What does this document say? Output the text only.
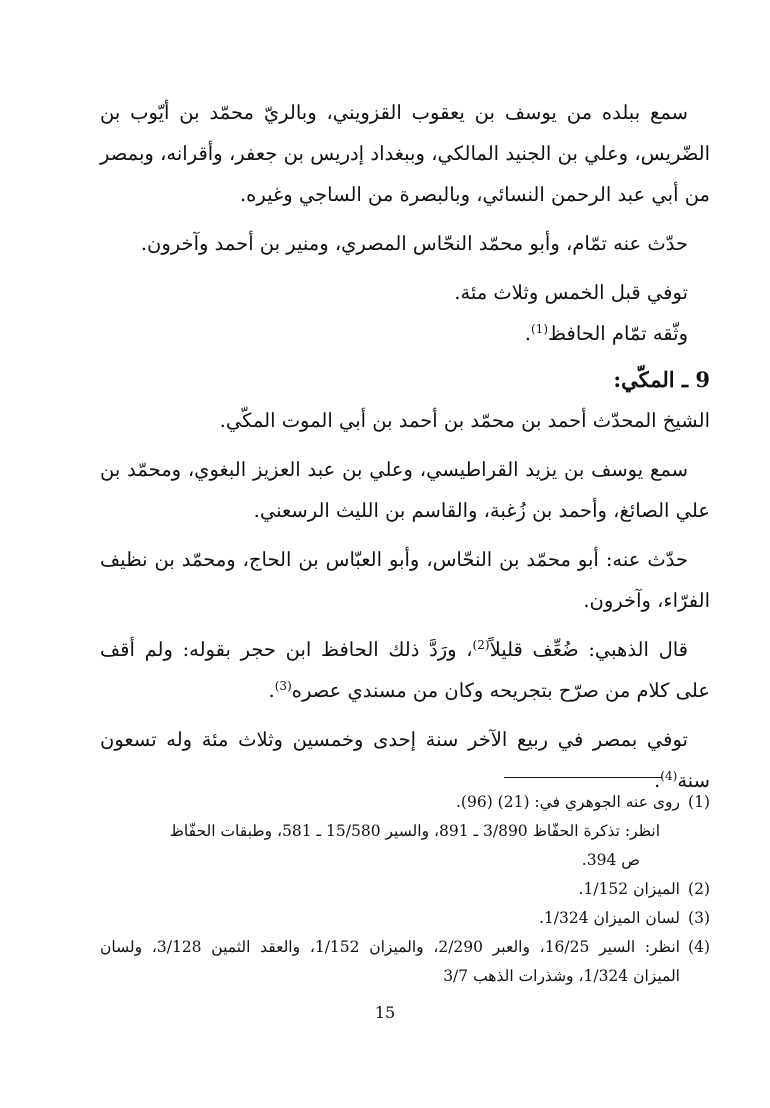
سمع ببلده من يوسف بن يعقوب القزويني، وبالريّ محمّد بن أيّوب بن الضّريس، وعلي بن الجنيد المالكي، وببغداد إدريس بن جعفر، وأقرانه، وبمصر من أبي عبد الرحمن النسائي، وبالبصرة من الساجي وغيره.

حدّث عنه تمّام، وأبو محمّد النحّاس المصري، ومنير بن أحمد وآخرون.

توفي قبل الخمس وثلاث مئة.

وثّقه تمّام الحافظ$^{(1)}$.

9 ـ المكّي:

الشيخ المحدّث أحمد بن محمّد بن أحمد بن أبي الموت المكّي.

سمع يوسف بن يزيد القراطيسي، وعلي بن عبد العزيز البغوي، ومحمّد بن علي الصائغ، وأحمد بن زُغبة، والقاسم بن الليث الرسعني.

حدّث عنه: أبو محمّد بن النحّاس، وأبو العبّاس بن الحاج، ومحمّد بن نظيف الفرّاء، وآخرون.

قال الذهبي: ضُعِّف قليلاً$^{(2)}$، ورَدَّ ذلك الحافظ ابن حجر بقوله: ولم أقف على كلام من صرّح بتجريحه وكان من مسندي عصره$^{(3)}$.

توفي بمصر في ربيع الآخر سنة إحدى وخمسين وثلاث مئة وله تسعون سنة$^{(4)}$.

(1)

روى عنه الجوهري في: (21) (96).

انظر: تذكرة الحفّاظ 3/890 ـ 891، والسير 15/580 ـ 581، وطبقات الحفّاظ

ص 394.

(2)

الميزان 1/152.

(3)

لسان الميزان 1/324.

(4)

انظر: السير 16/25، والعبر 2/290، والميزان 1/152، والعقد الثمين 3/128، ولسان الميزان 1/324، وشذرات الذهب 3/7

15
